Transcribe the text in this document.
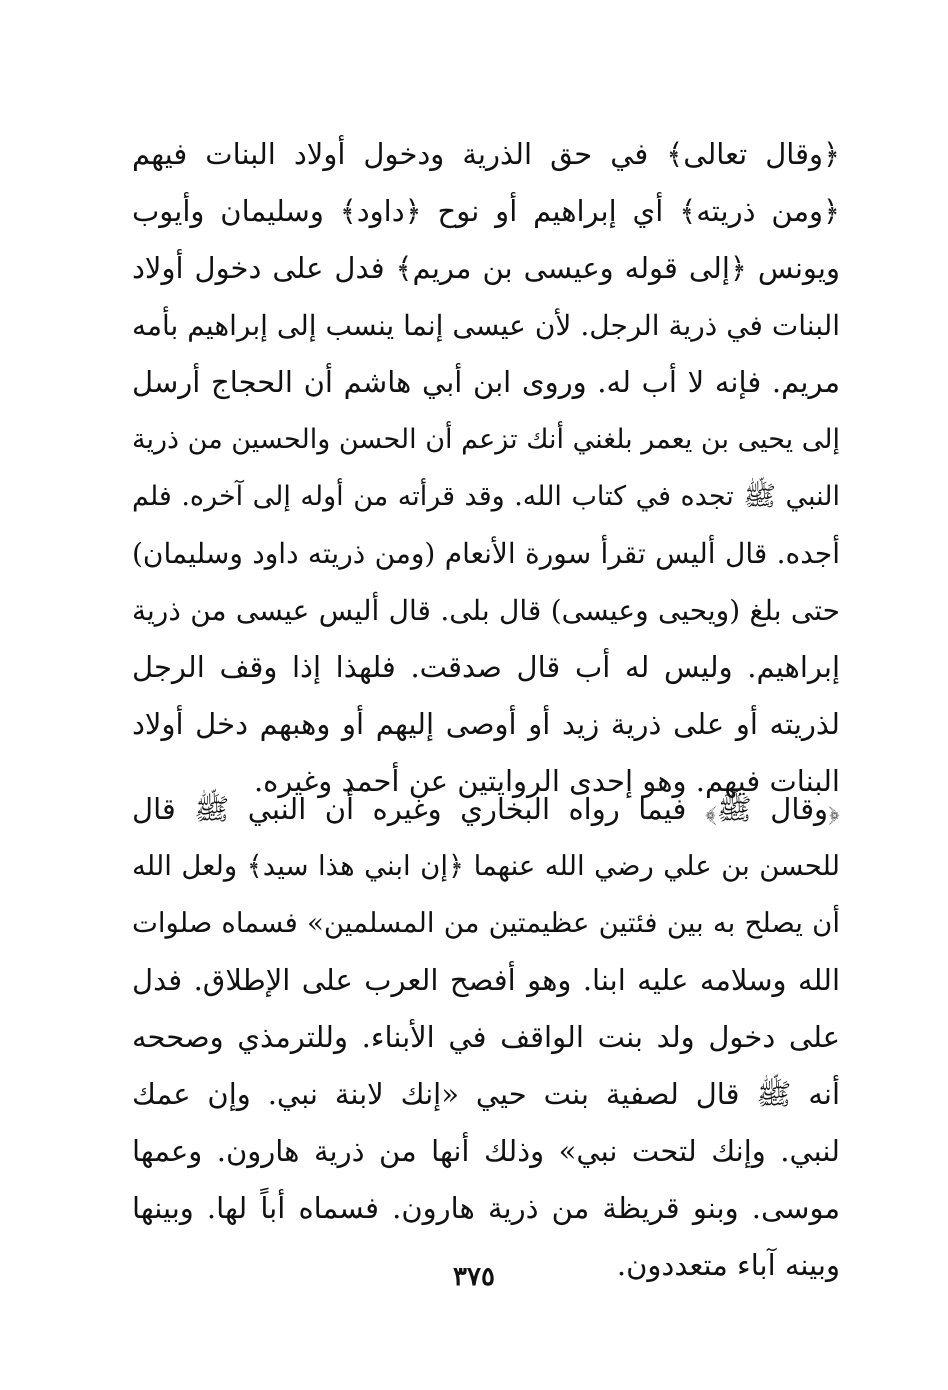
﴿وقال تعالى﴾ في حق الذرية ودخول أولاد البنات فيهم
﴿ومن ذريته﴾ أي إبراهيم أو نوح ﴿داود﴾ وسليمان وأيوب
ويونس ﴿إلى قوله وعيسى بن مريم﴾ فدل على دخول أولاد
البنات في ذرية الرجل. لأن عيسى إنما ينسب إلى إبراهيم بأمه
مريم. فإنه لا أب له. وروى ابن أبي هاشم أن الحجاج أرسل
إلى يحيى بن يعمر بلغني أنك تزعم أن الحسن والحسين من ذرية
النبي ﷺ تجده في كتاب الله. وقد قرأته من أوله إلى آخره. فلم
أجده. قال أليس تقرأ سورة الأنعام (ومن ذريته داود وسليمان)
حتى بلغ (ويحيى وعيسى) قال بلى. قال أليس عيسى من ذرية
إبراهيم. وليس له أب قال صدقت. فلهذا إذا وقف الرجل
لذريته أو على ذرية زيد أو أوصى إليهم أو وهبهم دخل أولاد
البنات فيهم. وهو إحدى الروايتين عن أحمد وغيره.
﴿وقال ﷺ﴾ فيما رواه البخاري وغيره أن النبي ﷺ قال
للحسن بن علي رضي الله عنهما ﴿إن ابني هذا سيد﴾ ولعل الله
أن يصلح به بين فئتين عظيمتين من المسلمين» فسماه صلوات
الله وسلامه عليه ابنا. وهو أفصح العرب على الإطلاق. فدل
على دخول ولد بنت الواقف في الأبناء. وللترمذي وصححه
أنه ﷺ قال لصفية بنت حيي «إنك لابنة نبي. وإن عمك
لنبي. وإنك لتحت نبي» وذلك أنها من ذرية هارون. وعمها
موسى. وبنو قريظة من ذرية هارون. فسماه أباً لها. وبينها
وبينه آباء متعددون.
٣٧٥
